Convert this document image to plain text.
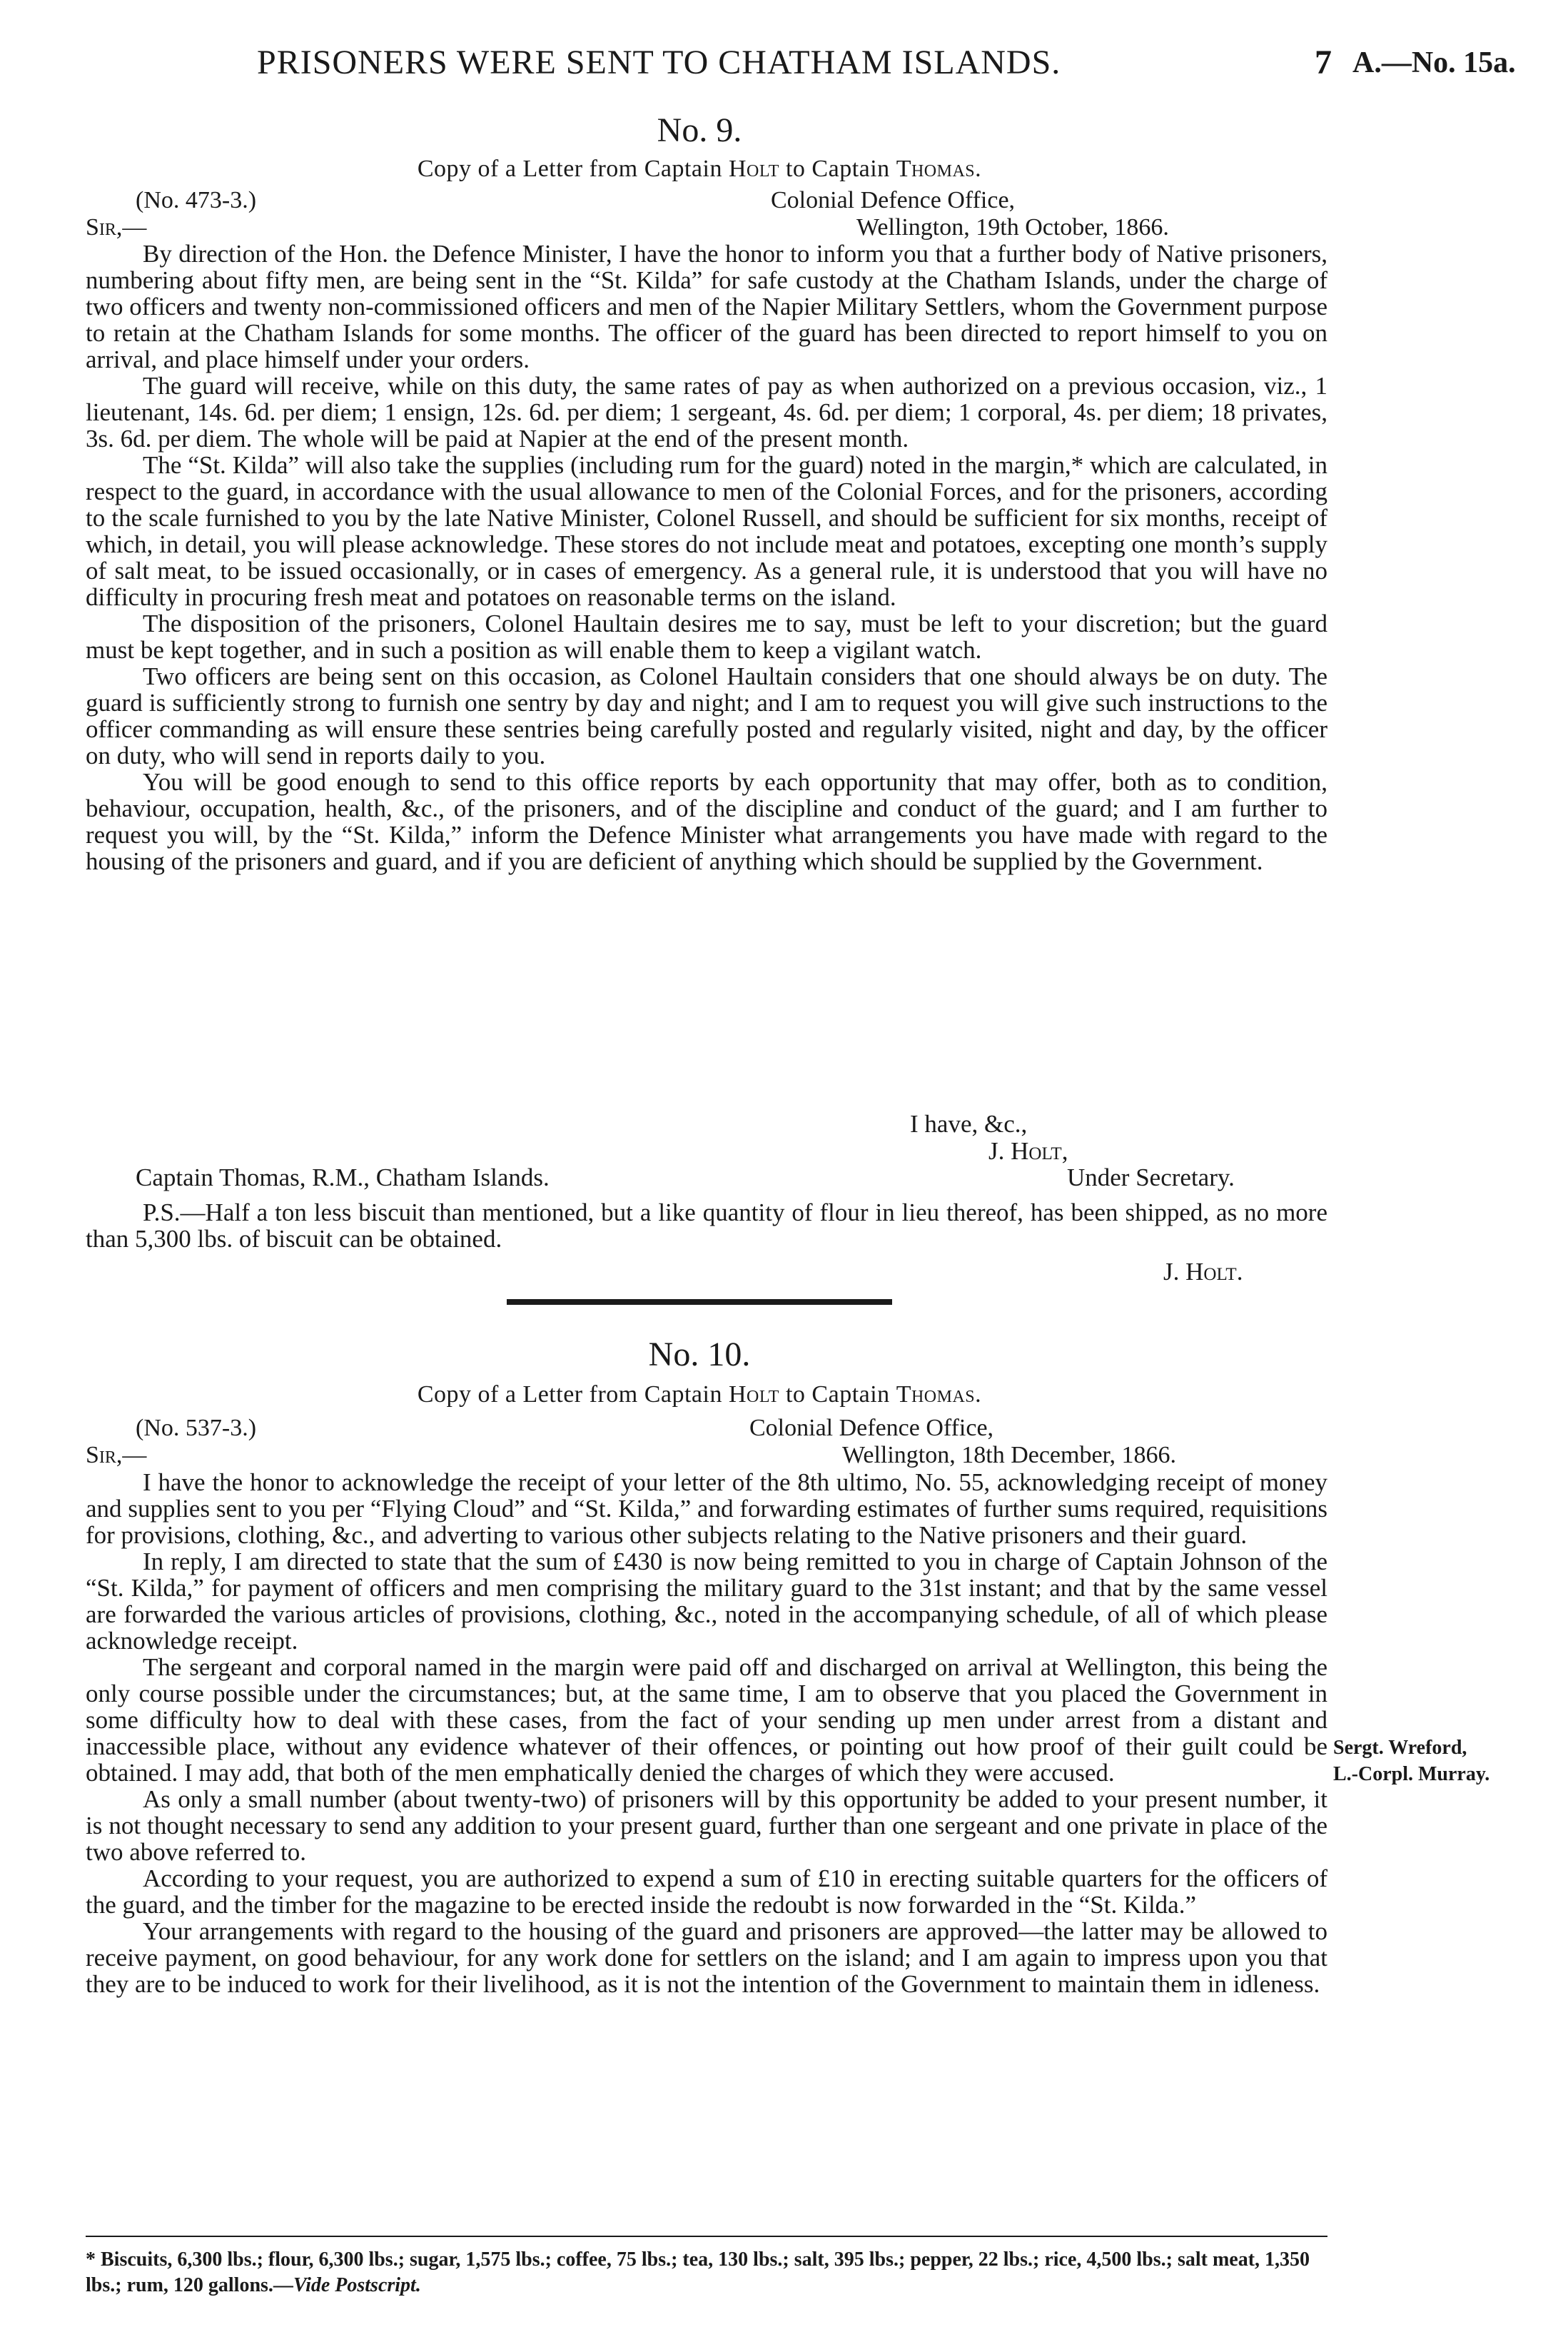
PRISONERS WERE SENT TO CHATHAM ISLANDS.	7 A.—No. 15a.
No. 9.
Copy of a Letter from Captain Holt to Captain Thomas.
(No. 473-3.)	Colonial Defence Office,
Sir,—	Wellington, 19th October, 1866.

By direction of the Hon. the Defence Minister, I have the honor to inform you that a further body of Native prisoners, numbering about fifty men, are being sent in the “St. Kilda” for safe custody at the Chatham Islands, under the charge of two officers and twenty non-commissioned officers and men of the Napier Military Settlers, whom the Government purpose to retain at the Chatham Islands for some months. The officer of the guard has been directed to report himself to you on arrival, and place himself under your orders.

The guard will receive, while on this duty, the same rates of pay as when authorized on a previous occasion, viz., 1 lieutenant, 14s. 6d. per diem; 1 ensign, 12s. 6d. per diem; 1 sergeant, 4s. 6d. per diem; 1 corporal, 4s. per diem; 18 privates, 3s. 6d. per diem. The whole will be paid at Napier at the end of the present month.

The “St. Kilda” will also take the supplies (including rum for the guard) noted in the margin,* which are calculated, in respect to the guard, in accordance with the usual allowance to men of the Colonial Forces, and for the prisoners, according to the scale furnished to you by the late Native Minister, Colonel Russell, and should be sufficient for six months, receipt of which, in detail, you will please acknowledge. These stores do not include meat and potatoes, excepting one month’s supply of salt meat, to be issued occasionally, or in cases of emergency. As a general rule, it is understood that you will have no difficulty in procuring fresh meat and potatoes on reasonable terms on the island.

The disposition of the prisoners, Colonel Haultain desires me to say, must be left to your discretion; but the guard must be kept together, and in such a position as will enable them to keep a vigilant watch.

Two officers are being sent on this occasion, as Colonel Haultain considers that one should always be on duty. The guard is sufficiently strong to furnish one sentry by day and night; and I am to request you will give such instructions to the officer commanding as will ensure these sentries being carefully posted and regularly visited, night and day, by the officer on duty, who will send in reports daily to you.

You will be good enough to send to this office reports by each opportunity that may offer, both as to condition, behaviour, occupation, health, &c., of the prisoners, and of the discipline and conduct of the guard; and I am further to request you will, by the “St. Kilda,” inform the Defence Minister what arrangements you have made with regard to the housing of the prisoners and guard, and if you are deficient of anything which should be supplied by the Government.

I have, &c.,
J. Holt,
Captain Thomas, R.M., Chatham Islands.	Under Secretary.

P.S.—Half a ton less biscuit than mentioned, but a like quantity of flour in lieu thereof, has been shipped, as no more than 5,300 lbs. of biscuit can be obtained.

J. Holt.
No. 10.
Copy of a Letter from Captain Holt to Captain Thomas.
(No. 537-3.)	Colonial Defence Office,
Sir,—	Wellington, 18th December, 1866.

I have the honor to acknowledge the receipt of your letter of the 8th ultimo, No. 55, acknowledging receipt of money and supplies sent to you per “Flying Cloud” and “St. Kilda,” and forwarding estimates of further sums required, requisitions for provisions, clothing, &c., and adverting to various other subjects relating to the Native prisoners and their guard.

In reply, I am directed to state that the sum of £430 is now being remitted to you in charge of Captain Johnson of the “St. Kilda,” for payment of officers and men comprising the military guard to the 31st instant; and that by the same vessel are forwarded the various articles of provisions, clothing, &c., noted in the accompanying schedule, of all of which please acknowledge receipt.

The sergeant and corporal named in the margin were paid off and discharged on arrival at Wellington, this being the only course possible under the circumstances; but, at the same time, I am to observe that you placed the Government in some difficulty how to deal with these cases, from the fact of your sending up men under arrest from a distant and inaccessible place, without any evidence whatever of their offences, or pointing out how proof of their guilt could be obtained. I may add, that both of the men emphatically denied the charges of which they were accused.

As only a small number (about twenty-two) of prisoners will by this opportunity be added to your present number, it is not thought necessary to send any addition to your present guard, further than one sergeant and one private in place of the two above referred to.

According to your request, you are authorized to expend a sum of £10 in erecting suitable quarters for the officers of the guard, and the timber for the magazine to be erected inside the redoubt is now forwarded in the “St. Kilda.”

Your arrangements with regard to the housing of the guard and prisoners are approved—the latter may be allowed to receive payment, on good behaviour, for any work done for settlers on the island; and I am again to impress upon you that they are to be induced to work for their livelihood, as it is not the intention of the Government to maintain them in idleness.

Sergt. Wreford,
L.-Corpl. Murray.
* Biscuits, 6,300 lbs.; flour, 6,300 lbs.; sugar, 1,575 lbs.; coffee, 75 lbs.; tea, 130 lbs.; salt, 395 lbs.; pepper, 22 lbs.; rice, 4,500 lbs.; salt meat, 1,350 lbs.; rum, 120 gallons.—Vide Postscript.
